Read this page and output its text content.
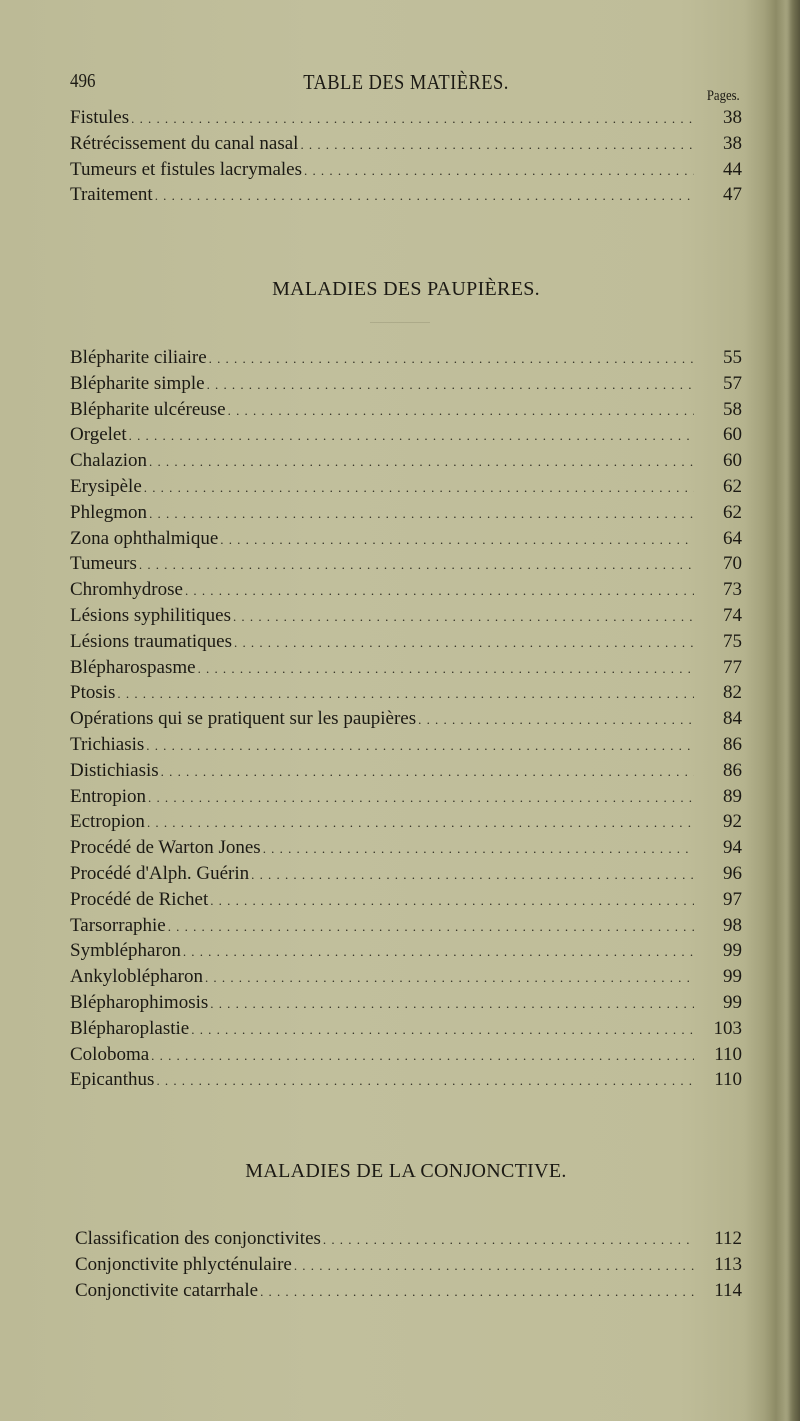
496	TABLE DES MATIÈRES.
Pages.
Fistules .....	38
Rétrécissement du canal nasal .....	38
Tumeurs et fistules lacrymales .....	44
Traitement .....	47
MALADIES DES PAUPIÈRES.
Blépharite ciliaire .....	55
Blépharite simple .....	57
Blépharite ulcéreuse .....	58
Orgelet .....	60
Chalazion .....	60
Erysipèle .....	62
Phlegmon .....	62
Zona ophthalmique .....	64
Tumeurs .....	70
Chromhydrose .....	73
Lésions syphilitiques .....	74
Lésions traumatiques .....	75
Blépharospasme .....	77
Ptosis .....	82
Opérations qui se pratiquent sur les paupières .....	84
Trichiasis .....	86
Distichiasis .....	86
Entropion .....	89
Ectropion .....	92
Procédé de Warton Jones .....	94
Procédé d'Alph. Guérin .....	96
Procédé de Richet .....	97
Tarsorraphie .....	98
Symblépharon .....	99
Ankyloblépharon .....	99
Blépharophimosis .....	99
Blépharoplastie .....	103
Coloboma .....	110
Epicanthus .....	110
MALADIES DE LA CONJONCTIVE.
Classification des conjonctivites .....	112
Conjonctivite phlycténulaire .....	113
Conjonctivite catarrhale .....	114
